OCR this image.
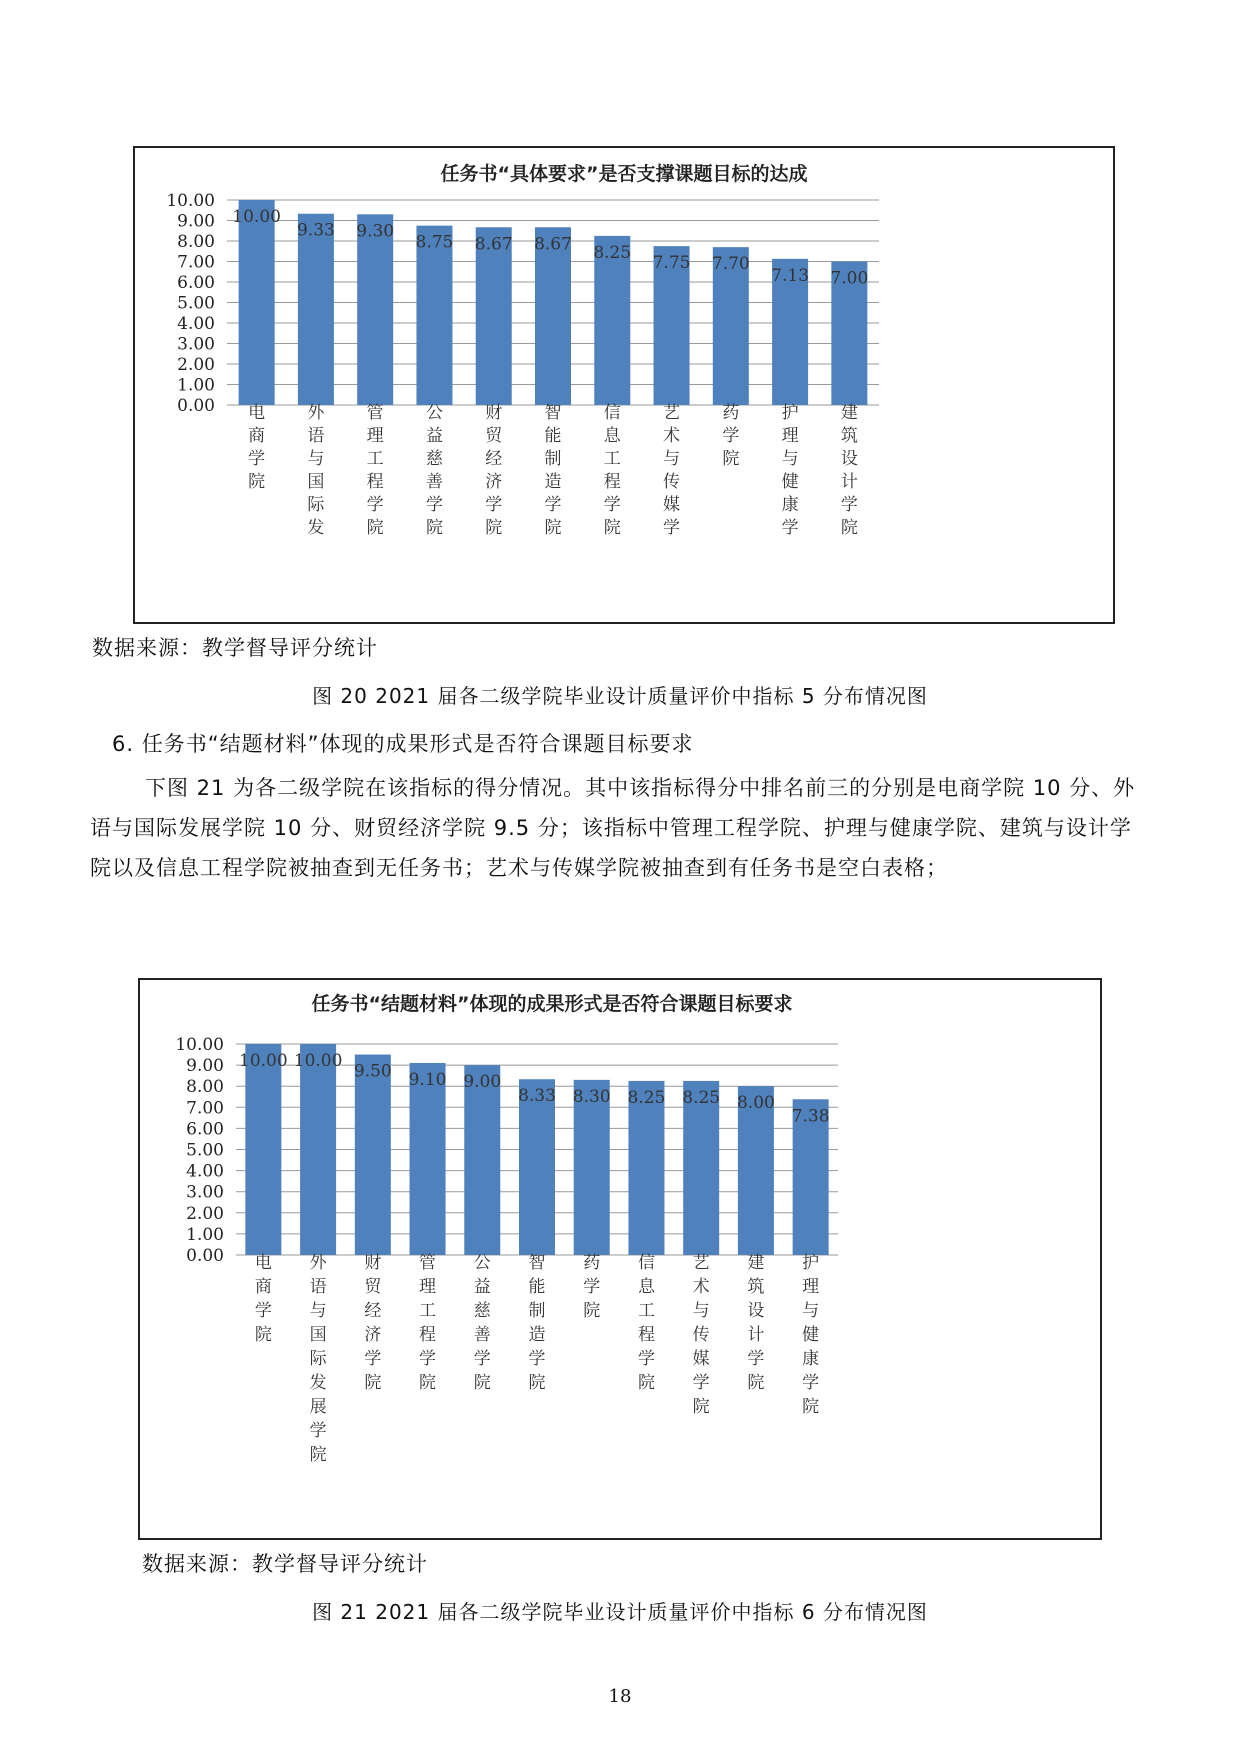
任务书“具体要求”是否支撑课题目标的达成
0.00
1.00
2.00
3.00
4.00
5.00
6.00
7.00
8.00
9.00
10.00
10.00
电
商
学
院
9.33
外
语
与
国
际
发
9.30
管
理
工
程
学
院
8.75
公
益
慈
善
学
院
8.67
财
贸
经
济
学
院
8.67
智
能
制
造
学
院
8.25
信
息
工
程
学
院
7.75
艺
术
与
传
媒
学
7.70
药
学
院
7.13
护
理
与
健
康
学
7.00
建
筑
设
计
学
院
数据来源：教学督导评分统计
图 20 2021 届各二级学院毕业设计质量评价中指标 5 分布情况图
6. 任务书“结题材料”体现的成果形式是否符合课题目标要求

下图 21 为各二级学院在该指标的得分情况。其中该指标得分中排名前三的分别是电商学院 10 分、外语与国际发展学院 10 分、财贸经济学院 9.5 分；该指标中管理工程学院、护理与健康学院、建筑与设计学院以及信息工程学院被抽查到无任务书；艺术与传媒学院被抽查到有任务书是空白表格；

任务书“结题材料”体现的成果形式是否符合课题目标要求
0.00
1.00
2.00
3.00
4.00
5.00
6.00
7.00
8.00
9.00
10.00
10.00
电
商
学
院
10.00
外
语
与
国
际
发
展
学
院
9.50
财
贸
经
济
学
院
9.10
管
理
工
程
学
院
9.00
公
益
慈
善
学
院
8.33
智
能
制
造
学
院
8.30
药
学
院
8.25
信
息
工
程
学
院
8.25
艺
术
与
传
媒
学
院
8.00
建
筑
设
计
学
院
7.38
护
理
与
健
康
学
院
数据来源：教学督导评分统计
图 21 2021 届各二级学院毕业设计质量评价中指标 6 分布情况图
18
